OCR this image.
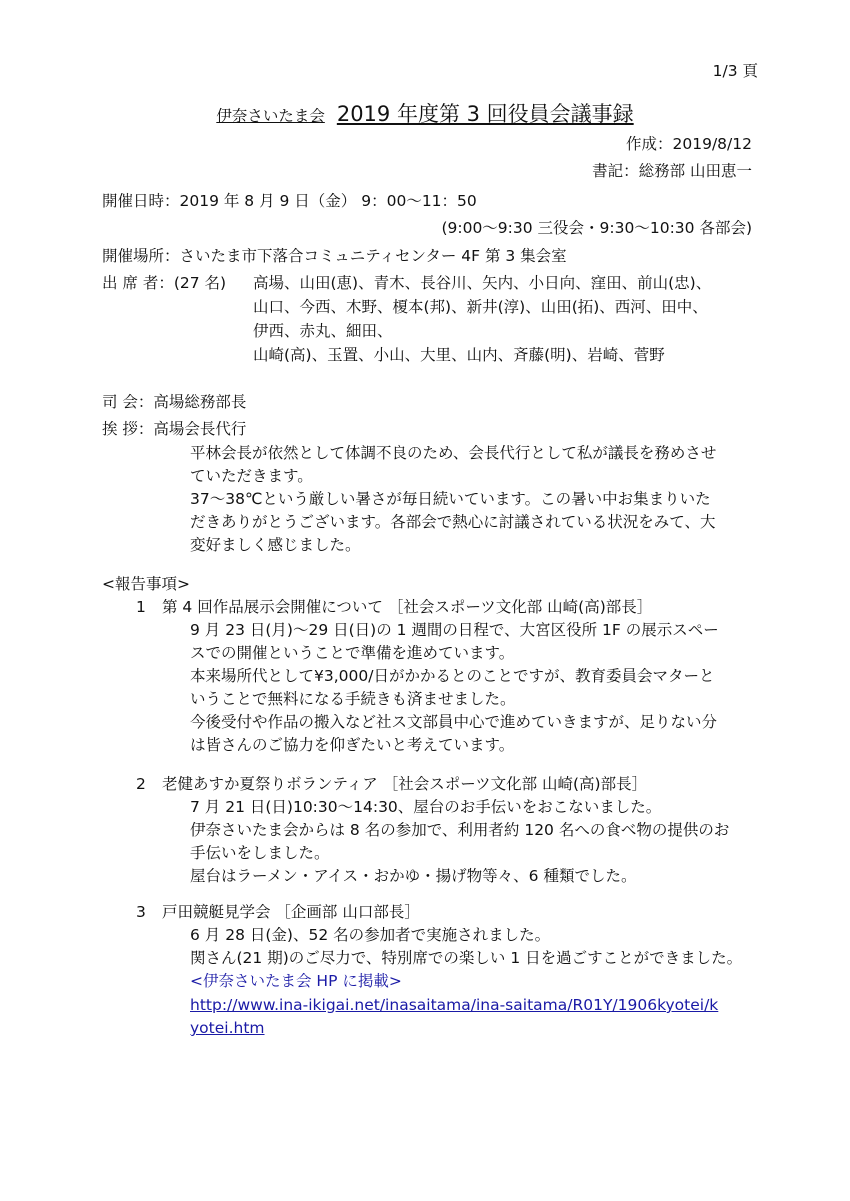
1/3 頁
伊奈さいたま会 2019 年度第 3 回役員会議事録
作成：2019/8/12
書記：総務部 山田恵一
開催日時：2019 年 8 月 9 日（金） 9：00～11：50
(9:00～9:30 三役会・9:30～10:30 各部会)
開催場所：さいたま市下落合コミュニティセンター 4F 第 3 集会室
出 席 者：(27 名) 高場、山田(恵)、青木、長谷川、矢内、小日向、窪田、前山(忠)、
山口、今西、木野、榎本(邦)、新井(淳)、山田(拓)、西河、田中、
伊西、赤丸、細田、
山崎(高)、玉置、小山、大里、山内、斉藤(明)、岩崎、菅野
司 会：高場総務部長
挨 拶：高場会長代行
平林会長が依然として体調不良のため、会長代行として私が議長を務めさせ
ていただきます。
37～38℃という厳しい暑さが毎日続いています。この暑い中お集まりいた
だきありがとうございます。各部会で熱心に討議されている状況をみて、大
変好ましく感じました。
<報告事項>
1 第 4 回作品展示会開催について ［社会スポーツ文化部 山崎(高)部長］
9 月 23 日(月)～29 日(日)の 1 週間の日程で、大宮区役所 1F の展示スペー
スでの開催ということで準備を進めています。
本来場所代として¥3,000/日がかかるとのことですが、教育委員会マターと
いうことで無料になる手続きも済ませました。
今後受付や作品の搬入など社ス文部員中心で進めていきますが、足りない分
は皆さんのご協力を仰ぎたいと考えています。
2 老健あすか夏祭りボランティア ［社会スポーツ文化部 山崎(高)部長］
7 月 21 日(日)10:30～14:30、屋台のお手伝いをおこないました。
伊奈さいたま会からは 8 名の参加で、利用者約 120 名への食べ物の提供のお
手伝いをしました。
屋台はラーメン・アイス・おかゆ・揚げ物等々、6 種類でした。
3 戸田競艇見学会 ［企画部 山口部長］
6 月 28 日(金)、52 名の参加者で実施されました。
関さん(21 期)のご尽力で、特別席での楽しい 1 日を過ごすことができました。
<伊奈さいたま会 HP に掲載>
http://www.ina-ikigai.net/inasaitama/ina-saitama/R01Y/1906kyotei/k
yotei.htm
